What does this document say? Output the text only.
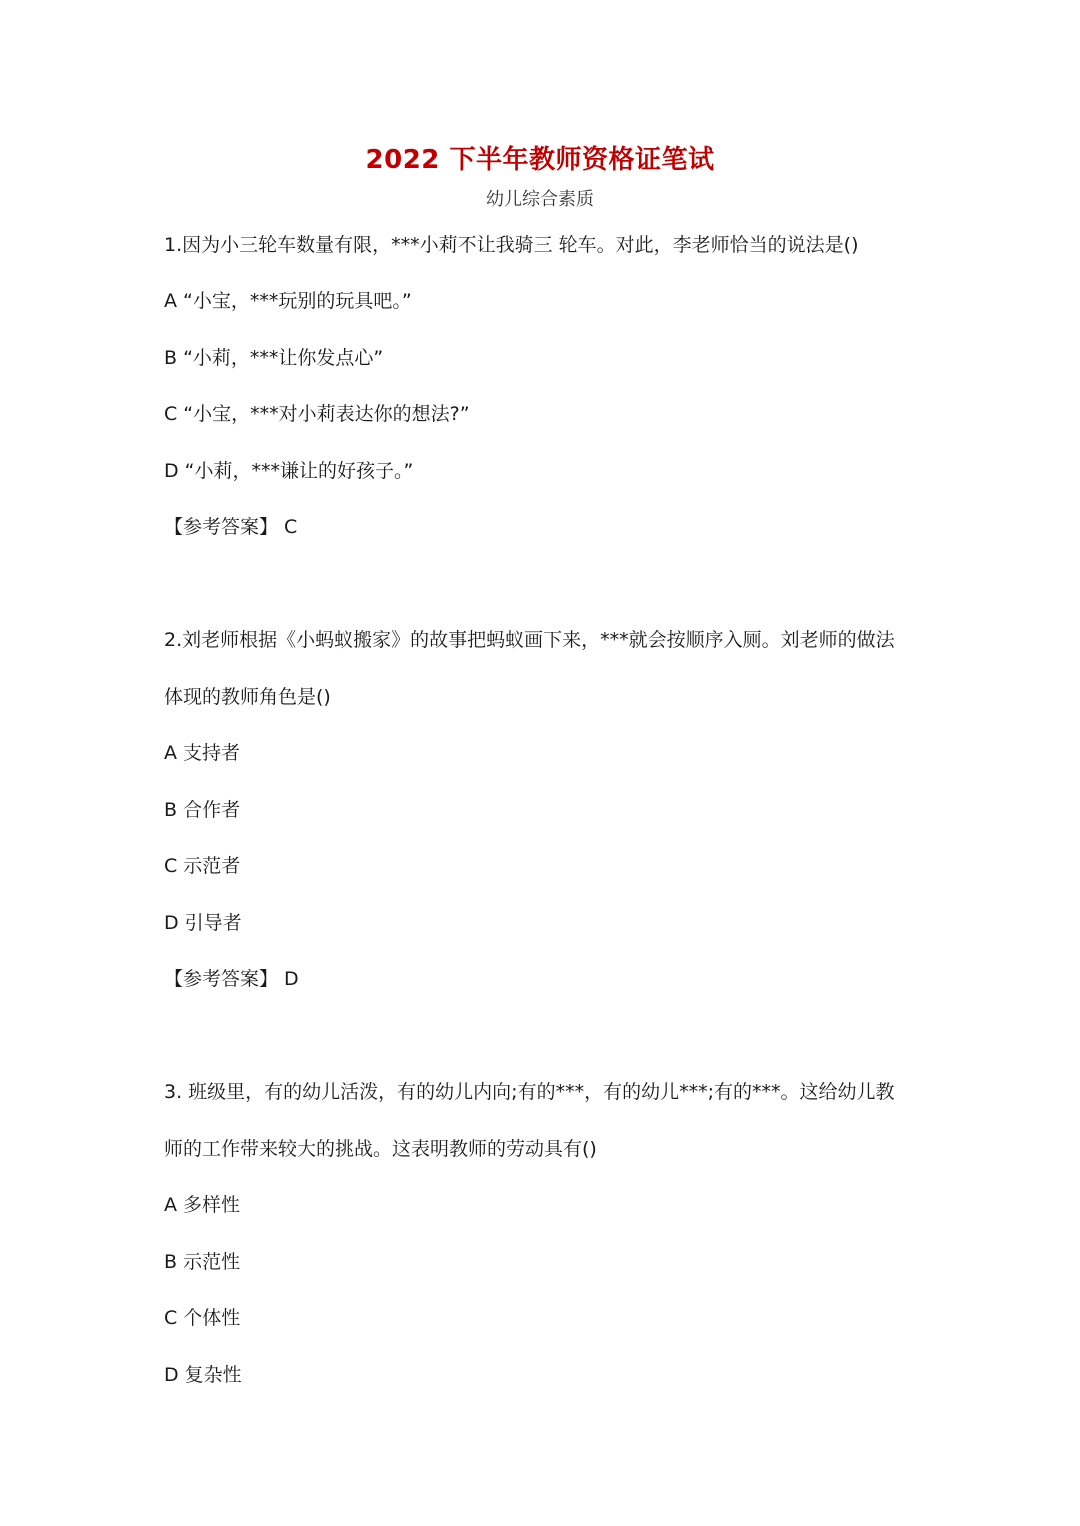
2022 下半年教师资格证笔试
幼儿综合素质
1.因为小三轮车数量有限，***小莉不让我骑三 轮车。对此，李老师恰当的说法是()
A “小宝，***玩别的玩具吧。”
B “小莉，***让你发点心”
C “小宝，***对小莉表达你的想法?”
D “小莉，***谦让的好孩子。”
【参考答案】 C
2.刘老师根据《小蚂蚁搬家》的故事把蚂蚁画下来，***就会按顺序入厕。刘老师的做法
体现的教师角色是()
A 支持者
B 合作者
C 示范者
D 引导者
【参考答案】 D
3. 班级里，有的幼儿活泼，有的幼儿内向;有的***，有的幼儿***;有的***。这给幼儿教
师的工作带来较大的挑战。这表明教师的劳动具有()
A 多样性
B 示范性
C 个体性
D 复杂性
